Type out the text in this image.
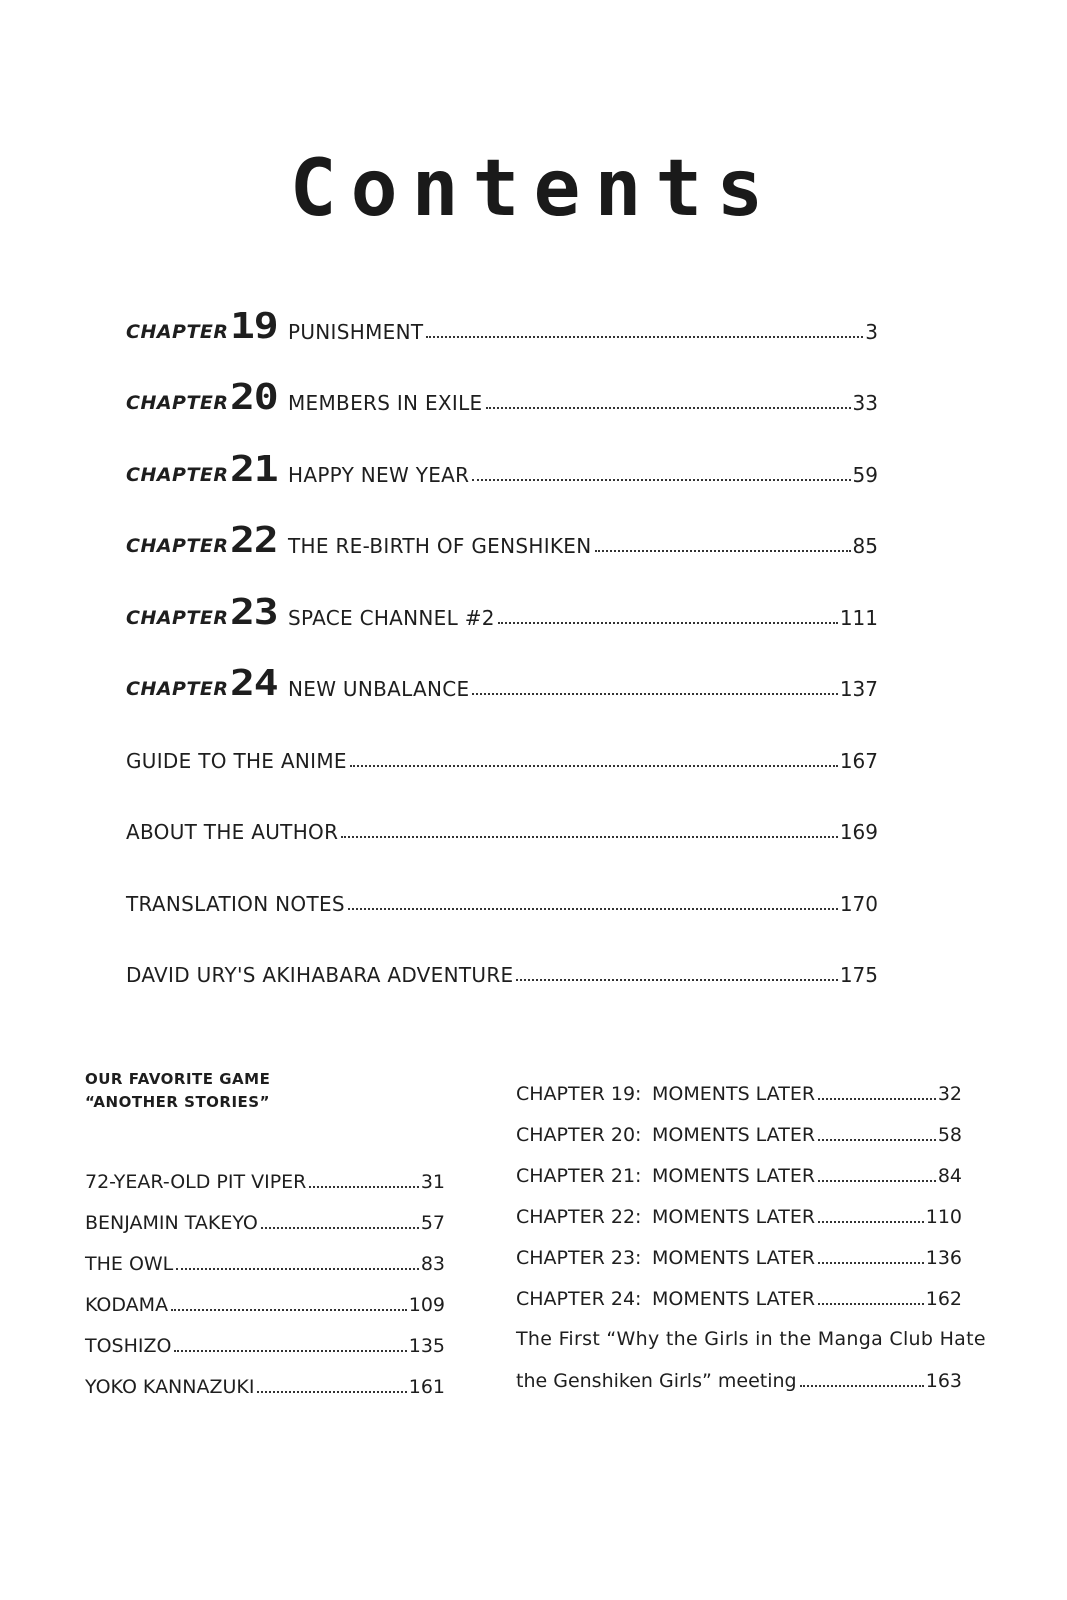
Contents
CHAPTER 19 PUNISHMENT	3
CHAPTER 20 MEMBERS IN EXILE	33
CHAPTER 21 HAPPY NEW YEAR	59
CHAPTER 22 THE RE-BIRTH OF GENSHIKEN	85
CHAPTER 23 SPACE CHANNEL #2	111
CHAPTER 24 NEW UNBALANCE	137
GUIDE TO THE ANIME	167
ABOUT THE AUTHOR	169
TRANSLATION NOTES	170
DAVID URY'S AKIHABARA ADVENTURE	175
OUR FAVORITE GAME
“ANOTHER STORIES”
72-YEAR-OLD PIT VIPER	31
BENJAMIN TAKEYO	57
THE OWL	83
KODAMA	109
TOSHIZO	135
YOKO KANNAZUKI	161
CHAPTER 19: MOMENTS LATER	32
CHAPTER 20: MOMENTS LATER	58
CHAPTER 21: MOMENTS LATER	84
CHAPTER 22: MOMENTS LATER	110
CHAPTER 23: MOMENTS LATER	136
CHAPTER 24: MOMENTS LATER	162
The First “Why the Girls in the Manga Club Hate
the Genshiken Girls” meeting	163
